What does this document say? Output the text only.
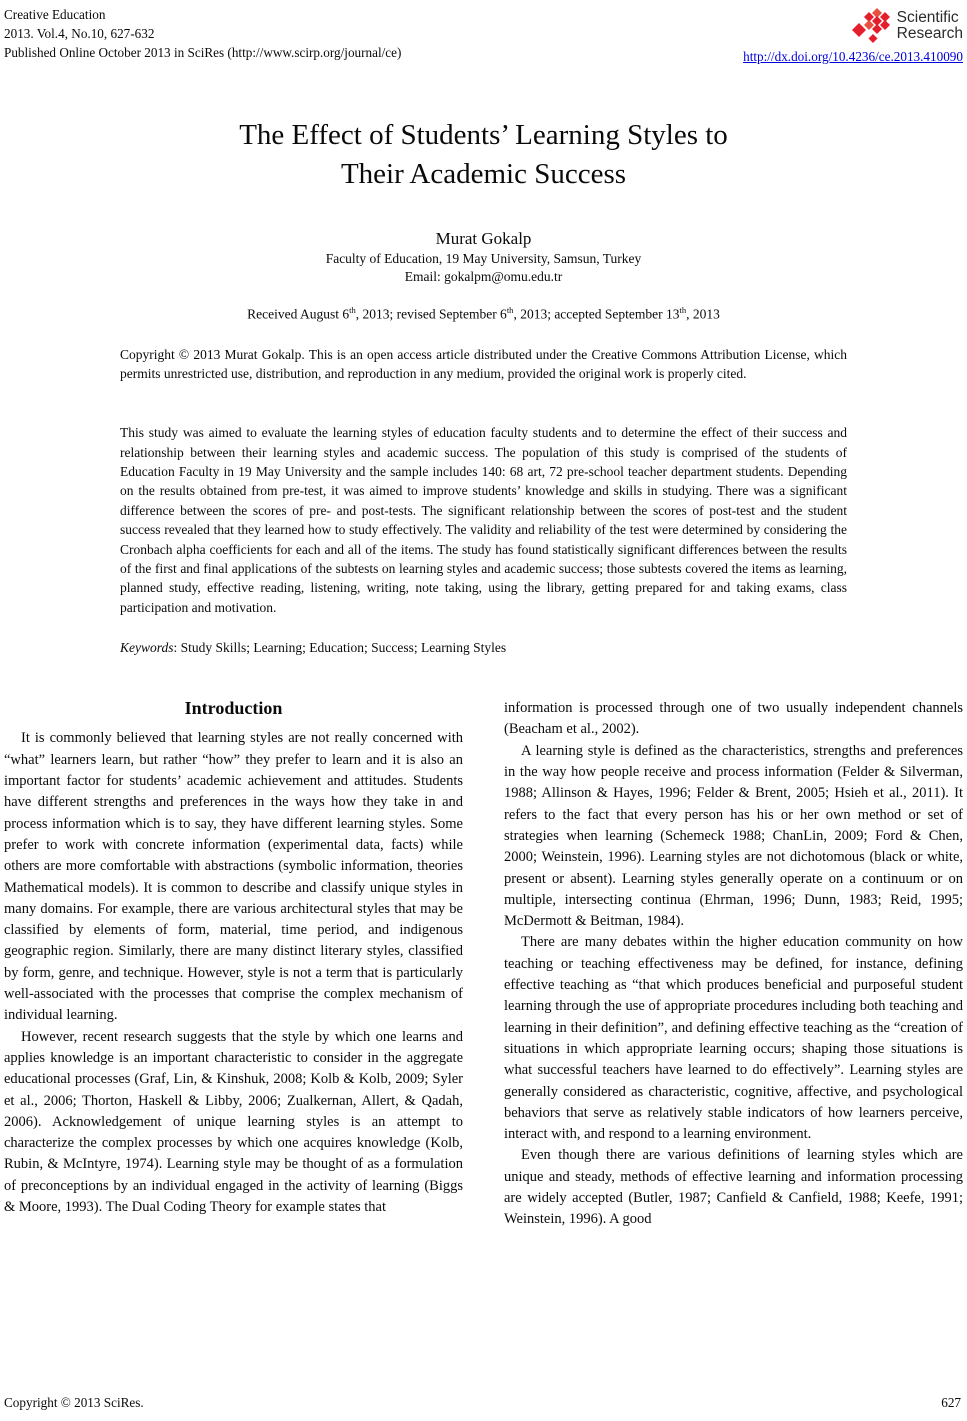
Creative Education
2013. Vol.4, No.10, 627-632
Published Online October 2013 in SciRes (http://www.scirp.org/journal/ce)
Scientific
Research
http://dx.doi.org/10.4236/ce.2013.410090
The Effect of Students’ Learning Styles to
Their Academic Success
Murat Gokalp
Faculty of Education, 19 May University, Samsun, Turkey
Email: gokalpm@omu.edu.tr

Received August 6th, 2013; revised September 6th, 2013; accepted September 13th, 2013

Copyright © 2013 Murat Gokalp. This is an open access article distributed under the Creative Commons Attribution License, which permits unrestricted use, distribution, and reproduction in any medium, provided the original work is properly cited.

This study was aimed to evaluate the learning styles of education faculty students and to determine the effect of their success and relationship between their learning styles and academic success. The population of this study is comprised of the students of Education Faculty in 19 May University and the sample includes 140: 68 art, 72 pre-school teacher department students. Depending on the results obtained from pre-test, it was aimed to improve students’ knowledge and skills in studying. There was a significant difference between the scores of pre- and post-tests. The significant relationship between the scores of post-test and the student success revealed that they learned how to study effectively. The validity and reliability of the test were determined by considering the Cronbach alpha coefficients for each and all of the items. The study has found statistically significant differences between the results of the first and final applications of the subtests on learning styles and academic success; those subtests covered the items as learning, planned study, effective reading, listening, writing, note taking, using the library, getting prepared for and taking exams, class participation and motivation.

Keywords: Study Skills; Learning; Education; Success; Learning Styles

Introduction

It is commonly believed that learning styles are not really concerned with “what” learners learn, but rather “how” they prefer to learn and it is also an important factor for students’ academic achievement and attitudes. Students have different strengths and preferences in the ways how they take in and process information which is to say, they have different learning styles. Some prefer to work with concrete information (experimental data, facts) while others are more comfortable with abstractions (symbolic information, theories Mathematical models). It is common to describe and classify unique styles in many domains. For example, there are various architectural styles that may be classified by elements of form, material, time period, and indigenous geographic region. Similarly, there are many distinct literary styles, classified by form, genre, and technique. However, style is not a term that is particularly well-associated with the processes that comprise the complex mechanism of individual learning.

However, recent research suggests that the style by which one learns and applies knowledge is an important characteristic to consider in the aggregate educational processes (Graf, Lin, & Kinshuk, 2008; Kolb & Kolb, 2009; Syler et al., 2006; Thorton, Haskell & Libby, 2006; Zualkernan, Allert, & Qadah, 2006). Acknowledgement of unique learning styles is an attempt to characterize the complex processes by which one acquires knowledge (Kolb, Rubin, & McIntyre, 1974). Learning style may be thought of as a formulation of preconceptions by an individual engaged in the activity of learning (Biggs & Moore, 1993). The Dual Coding Theory for example states that

information is processed through one of two usually independent channels (Beacham et al., 2002).

A learning style is defined as the characteristics, strengths and preferences in the way how people receive and process information (Felder & Silverman, 1988; Allinson & Hayes, 1996; Felder & Brent, 2005; Hsieh et al., 2011). It refers to the fact that every person has his or her own method or set of strategies when learning (Schemeck 1988; ChanLin, 2009; Ford & Chen, 2000; Weinstein, 1996). Learning styles are not dichotomous (black or white, present or absent). Learning styles generally operate on a continuum or on multiple, intersecting continua (Ehrman, 1996; Dunn, 1983; Reid, 1995; McDermott & Beitman, 1984).

There are many debates within the higher education community on how teaching or teaching effectiveness may be defined, for instance, defining effective teaching as “that which produces beneficial and purposeful student learning through the use of appropriate procedures including both teaching and learning in their definition”, and defining effective teaching as the “creation of situations in which appropriate learning occurs; shaping those situations is what successful teachers have learned to do effectively”. Learning styles are generally considered as characteristic, cognitive, affective, and psychological behaviors that serve as relatively stable indicators of how learners perceive, interact with, and respond to a learning environment.

Even though there are various definitions of learning styles which are unique and steady, methods of effective learning and information processing are widely accepted (Butler, 1987; Canfield & Canfield, 1988; Keefe, 1991; Weinstein, 1996). A good

Copyright © 2013 SciRes.	627
